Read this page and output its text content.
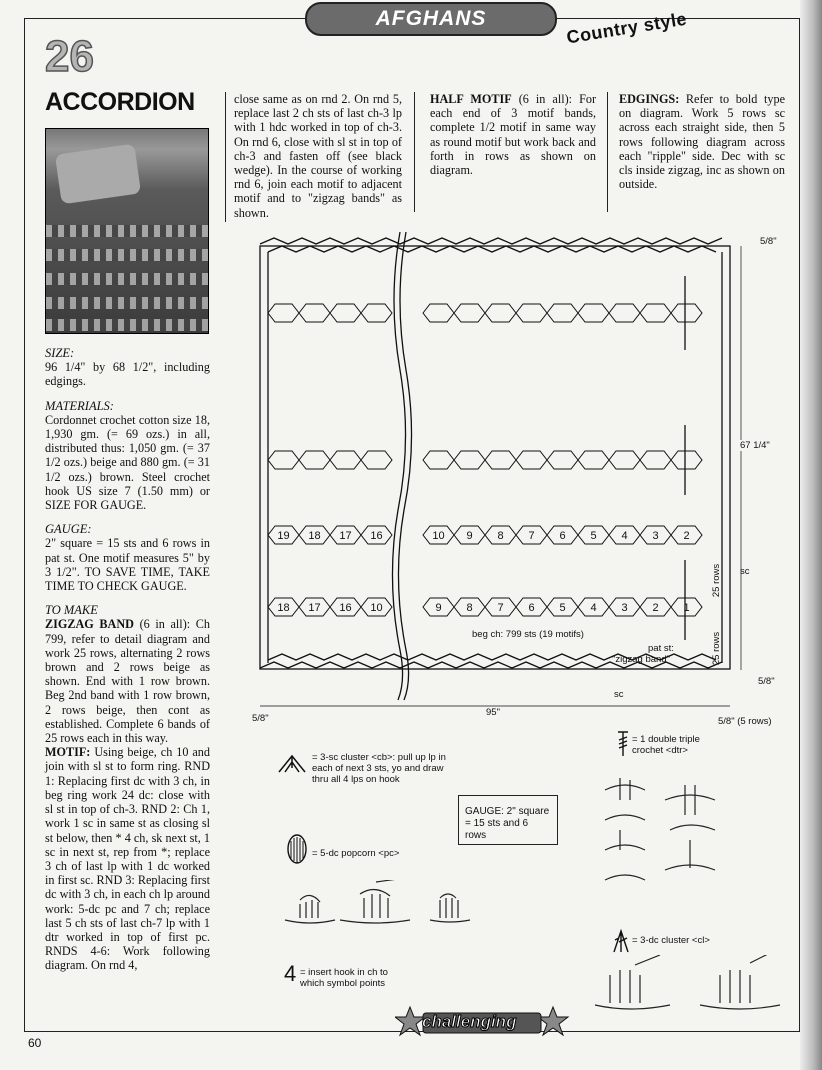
AFGHANS	Country style
26
ACCORDION

SIZE:

96 1/4" by 68 1/2", including edgings.

MATERIALS:

Cordonnet crochet cotton size 18, 1,930 gm. (= 69 ozs.) in all, distributed thus: 1,050 gm. (= 37 1/2 ozs.) beige and 880 gm. (= 31 1/2 ozs.) brown. Steel crochet hook US size 7 (1.50 mm) or SIZE FOR GAUGE.

GAUGE:

2" square = 15 sts and 6 rows in pat st. One motif measures 5" by 3 1/2". TO SAVE TIME, TAKE TIME TO CHECK GAUGE.

TO MAKE

ZIGZAG BAND (6 in all): Ch 799, refer to detail diagram and work 25 rows, alternating 2 rows brown and 2 rows beige as shown. End with 1 row brown. Beg 2nd band with 1 row brown, 2 rows beige, then cont as established. Complete 6 bands of 25 rows each in this way.

MOTIF: Using beige, ch 10 and join with sl st to form ring. RND 1: Replacing first dc with 3 ch, in beg ring work 24 dc: close with sl st in top of ch-3. RND 2: Ch 1, work 1 sc in same st as closing sl st below, then * 4 ch, sk next st, 1 sc in next st, rep from *; replace 3 ch of last lp with 1 dc worked in first sc. RND 3: Replacing first dc with 3 ch, in each ch lp around work: 5-dc pc and 7 ch; replace last 5 ch sts of last ch-7 lp with 1 dtr worked in top of first pc. RNDS 4-6: Work following diagram. On rnd 4,

close same as on rnd 2. On rnd 5, replace last 2 ch sts of last ch-3 lp with 1 hdc worked in top of ch-3. On rnd 6, close with sl st in top of ch-3 and fasten off (see black wedge). In the course of working rnd 6, join each motif to adjacent motif and to "zigzag bands" as shown.
HALF MOTIF (6 in all): For each end of 3 motif bands, complete 1/2 motif in same way as round motif but work back and forth in rows as shown on diagram.
EDGINGS: Refer to bold type on diagram. Work 5 rows sc across each straight side, then 5 rows following diagram across each "ripple" side. Dec with sc cls inside zigzag, inc as shown on outside.
19 18 17 16	10 9 8 7 6 5 4 3 2
18 17 16 10	9 8 7 6 5 4 3 2 1
5/8"
67 1/4"
sc
25 rows
25 rows
5/8"
95"
5/8"	5/8" (5 rows)
beg ch: 799 sts (19 motifs)
pat st:
"zigzag band"
sc
= 3-sc cluster <cb>: pull up lp in each of next 3 sts, yo and draw thru all 4 lps on hook
= 1 double triple crochet <dtr>
GAUGE: 2" square = 15 sts and 6 rows
= 5-dc popcorn <pc>
= 3-dc cluster <cl>
4 = insert hook in ch to which symbol points
challenging
60
